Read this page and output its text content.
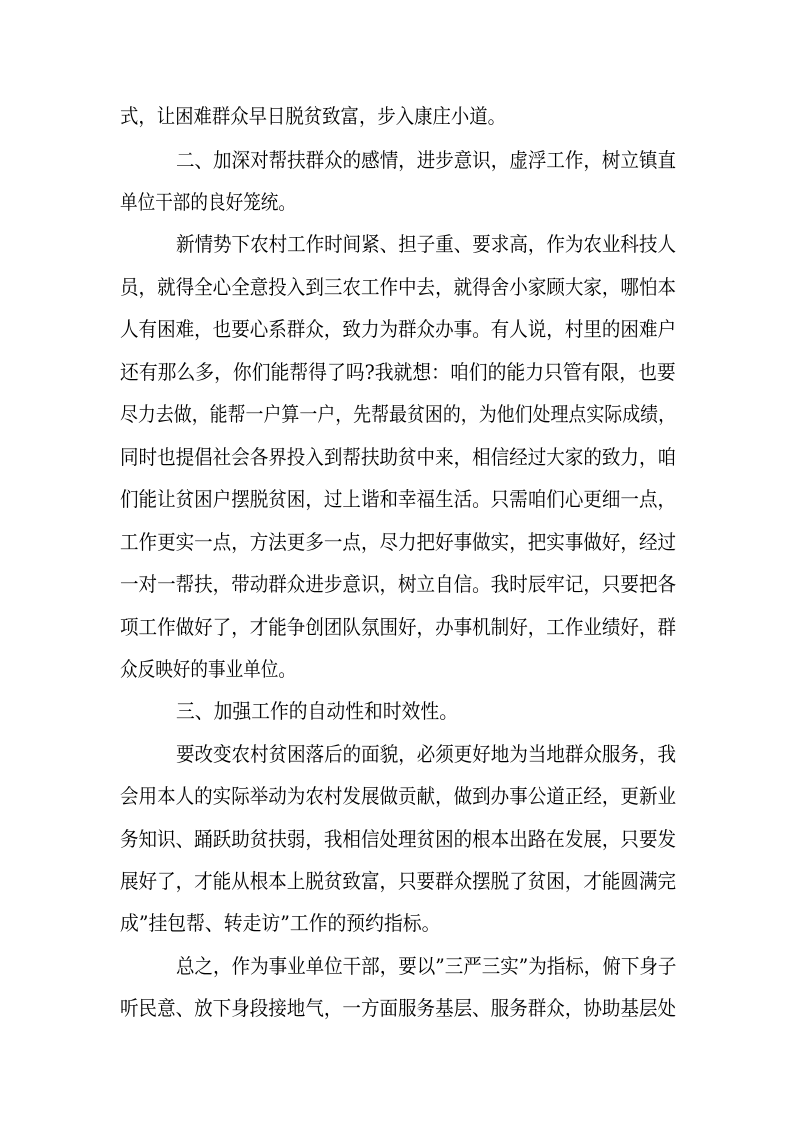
式，让困难群众早日脱贫致富，步入康庄小道。
二、加深对帮扶群众的感情，进步意识，虚浮工作，树立镇直
单位干部的良好笼统。
新情势下农村工作时间紧、担子重、要求高，作为农业科技人
员，就得全心全意投入到三农工作中去，就得舍小家顾大家，哪怕本
人有困难，也要心系群众，致力为群众办事。有人说，村里的困难户
还有那么多，你们能帮得了吗?我就想：咱们的能力只管有限，也要
尽力去做，能帮一户算一户，先帮最贫困的，为他们处理点实际成绩，
同时也提倡社会各界投入到帮扶助贫中来，相信经过大家的致力，咱
们能让贫困户摆脱贫困，过上谐和幸福生活。只需咱们心更细一点，
工作更实一点，方法更多一点，尽力把好事做实，把实事做好，经过
一对一帮扶，带动群众进步意识，树立自信。我时辰牢记，只要把各
项工作做好了，才能争创团队氛围好，办事机制好，工作业绩好，群
众反映好的事业单位。
三、加强工作的自动性和时效性。
要改变农村贫困落后的面貌，必须更好地为当地群众服务，我
会用本人的实际举动为农村发展做贡献，做到办事公道正经，更新业
务知识、踊跃助贫扶弱，我相信处理贫困的根本出路在发展，只要发
展好了，才能从根本上脱贫致富，只要群众摆脱了贫困，才能圆满完
成”挂包帮、转走访”工作的预约指标。
总之，作为事业单位干部，要以”三严三实”为指标，俯下身子
听民意、放下身段接地气，一方面服务基层、服务群众，协助基层处
